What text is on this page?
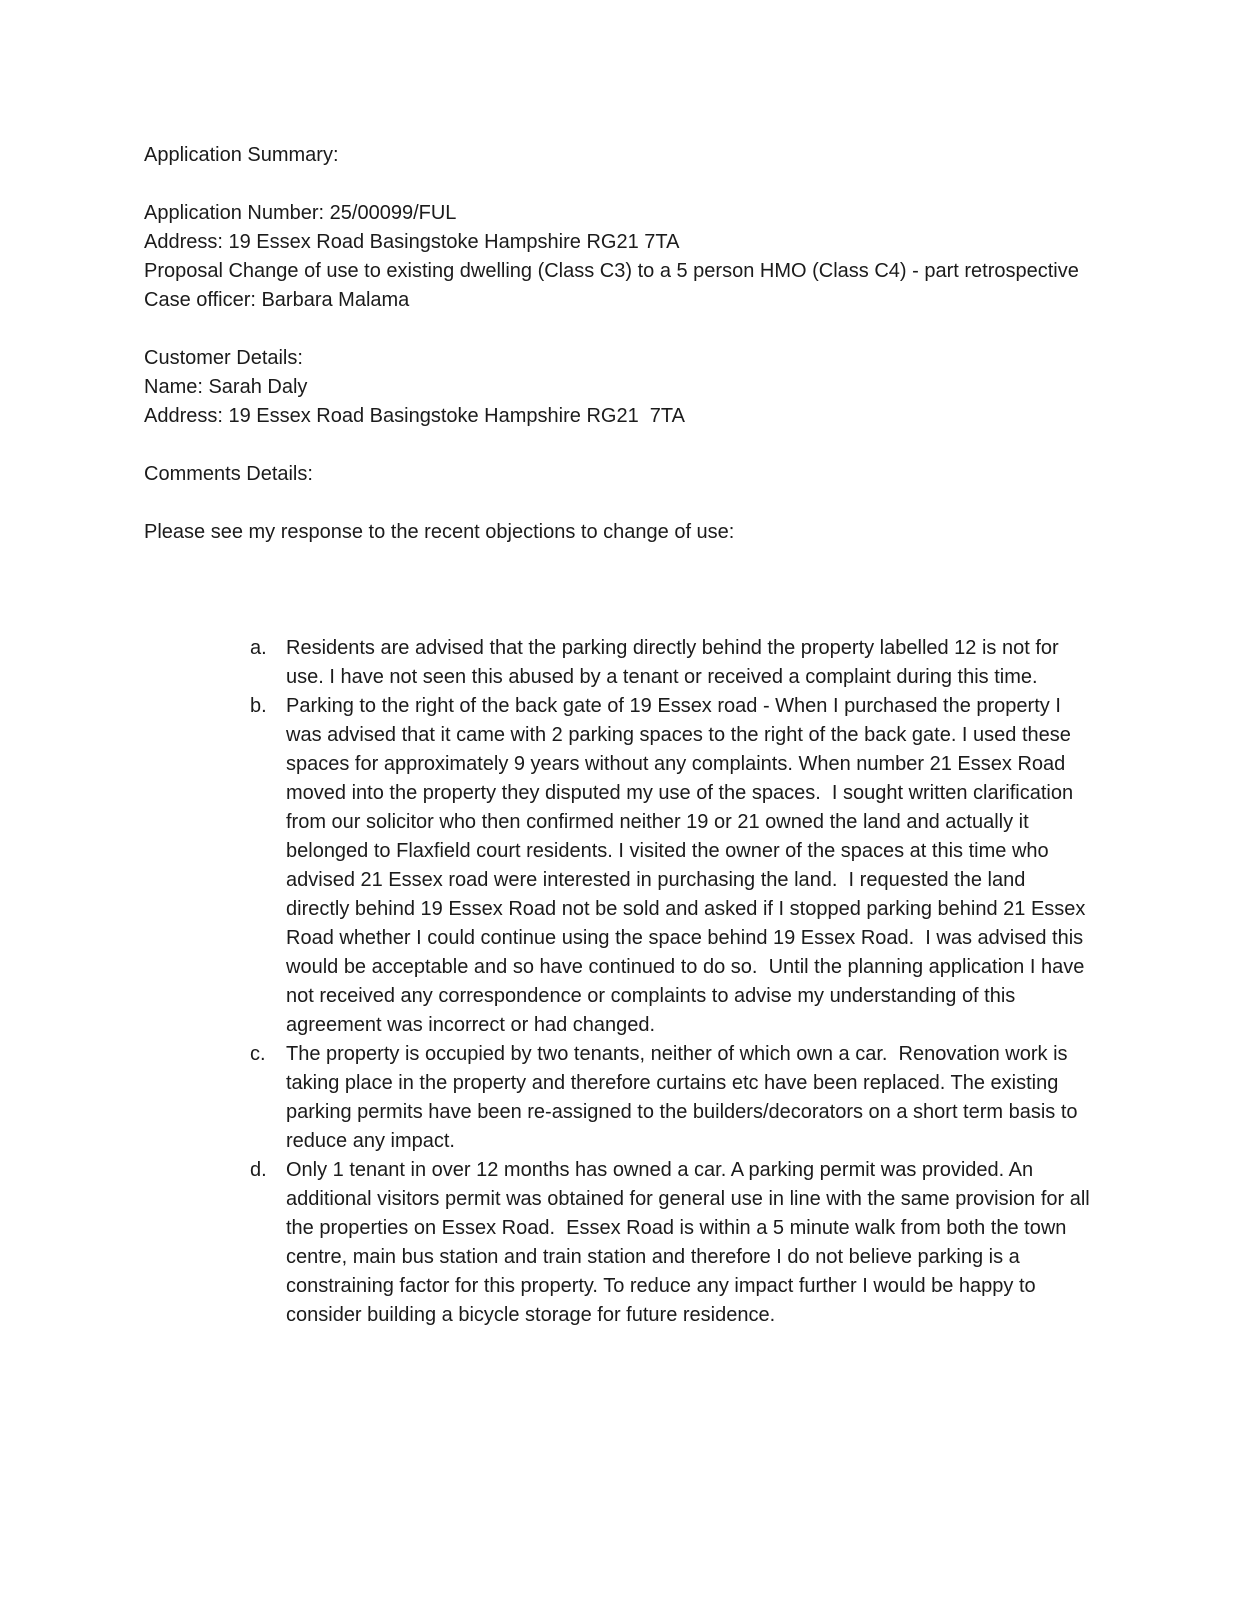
Application Summary:

Application Number: 25/00099/FUL

Address: 19 Essex Road Basingstoke Hampshire RG21 7TA

Proposal Change of use to existing dwelling (Class C3) to a 5 person HMO (Class C4) - part retrospective

Case officer: Barbara Malama

Customer Details:

Name: Sarah Daly

Address: 19 Essex Road Basingstoke Hampshire RG21  7TA

Comments Details:

Please see my response to the recent objections to change of use:

a. Residents are advised that the parking directly behind the property labelled 12 is not for use. I have not seen this abused by a tenant or received a complaint during this time.
b. Parking to the right of the back gate of 19 Essex road - When I purchased the property I was advised that it came with 2 parking spaces to the right of the back gate. I used these spaces for approximately 9 years without any complaints. When number 21 Essex Road moved into the property they disputed my use of the spaces.  I sought written clarification from our solicitor who then confirmed neither 19 or 21 owned the land and actually it belonged to Flaxfield court residents. I visited the owner of the spaces at this time who advised 21 Essex road were interested in purchasing the land.  I requested the land directly behind 19 Essex Road not be sold and asked if I stopped parking behind 21 Essex Road whether I could continue using the space behind 19 Essex Road.  I was advised this would be acceptable and so have continued to do so.  Until the planning application I have not received any correspondence or complaints to advise my understanding of this agreement was incorrect or had changed.
c.	The property is occupied by two tenants, neither of which own a car.  Renovation work is taking place in the property and therefore curtains etc have been replaced. The existing parking permits have been re-assigned to the builders/decorators on a short term basis to reduce any impact.
d. Only 1 tenant in over 12 months has owned a car. A parking permit was provided. An additional visitors permit was obtained for general use in line with the same provision for all the properties on Essex Road.  Essex Road is within a 5 minute walk from both the town centre, main bus station and train station and therefore I do not believe parking is a constraining factor for this property. To reduce any impact further I would be happy to consider building a bicycle storage for future residence.
